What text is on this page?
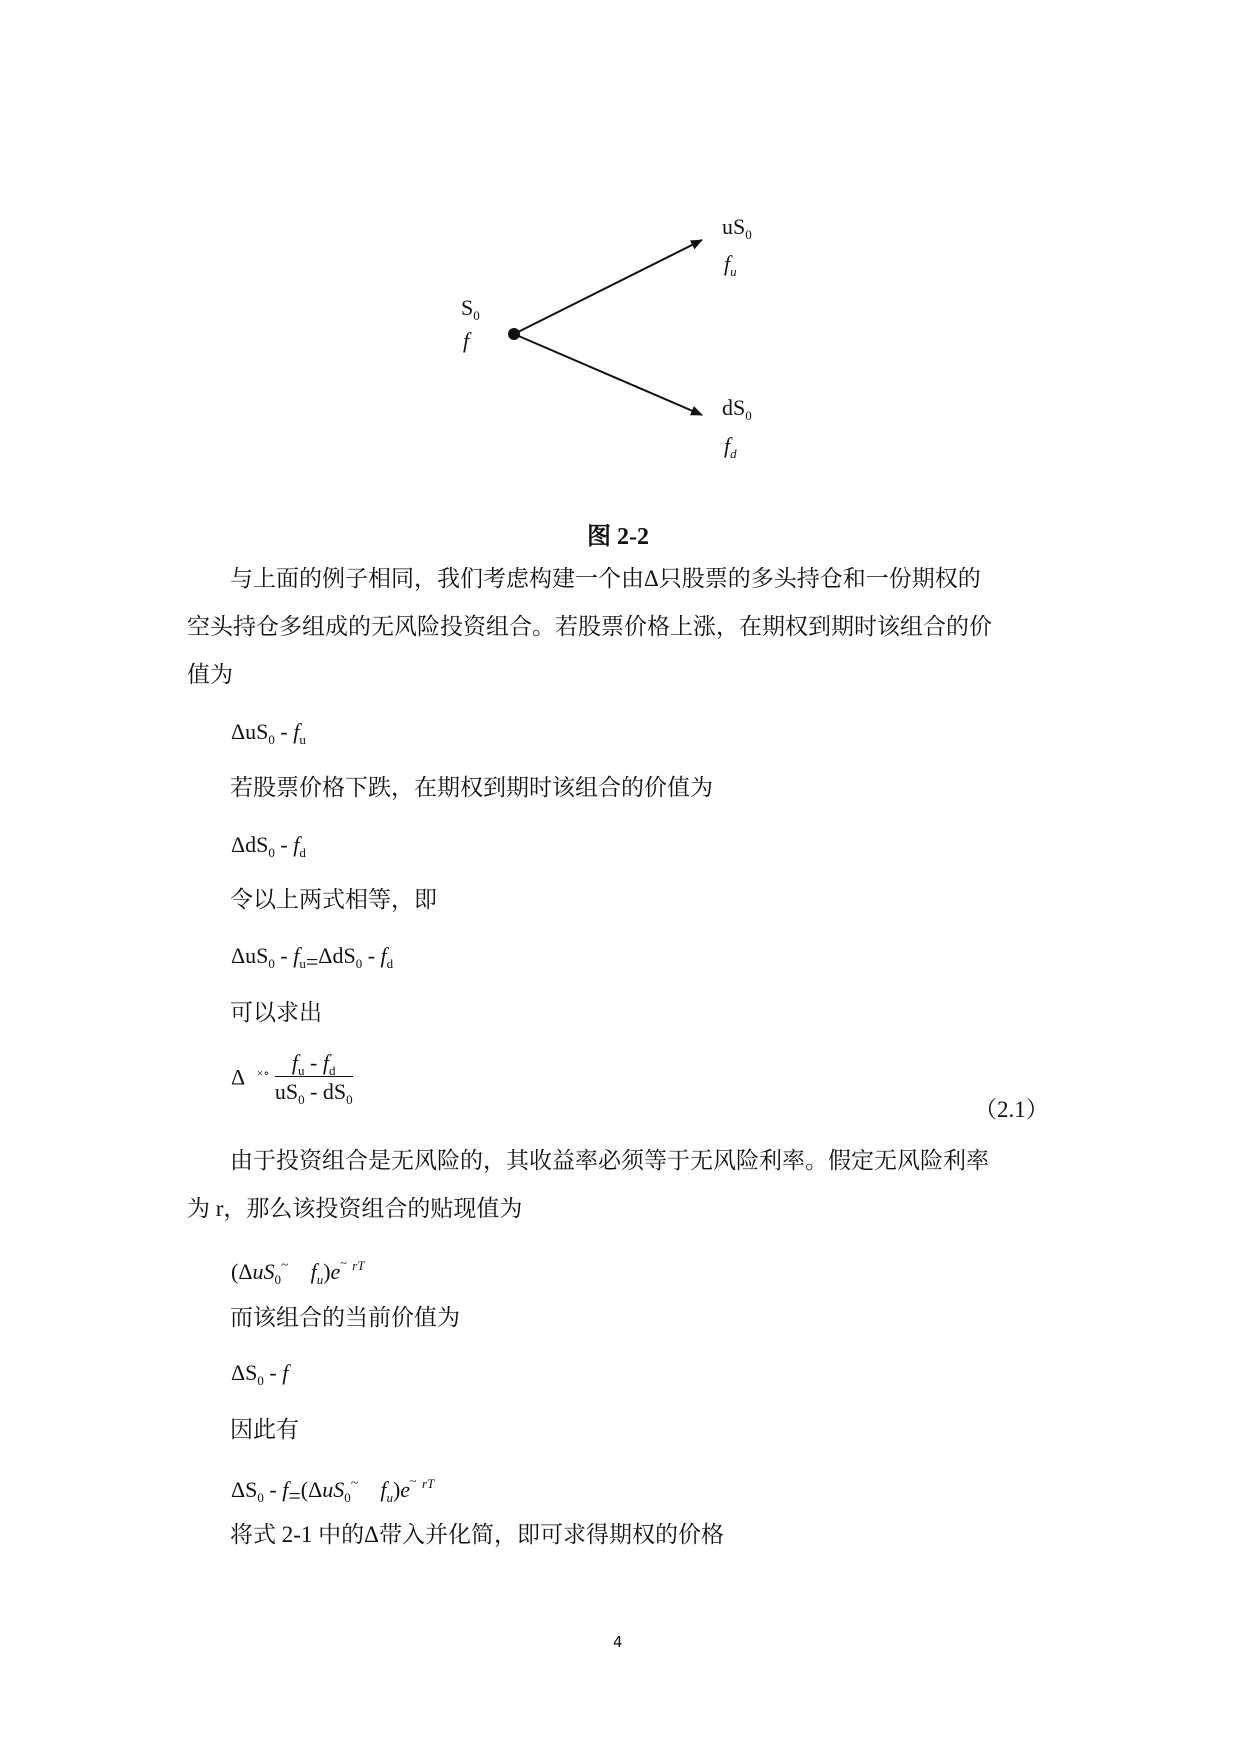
$S_0$
f
$uS_0$
$f_u$
$dS_0$
$f_d$
图 2-2
与上面的例子相同，我们考虑构建一个由Δ只股票的多头持仓和一份期权的
空头持仓多组成的无风险投资组合。若股票价格上涨，在期权到期时该组合的价
值为
$\Delta uS_0 - f_u$
若股票价格下跌，在期权到期时该组合的价值为
$\Delta dS_0 - f_d$
令以上两式相等，即
$\Delta uS_0 - f_u=\Delta dS_0 - f_d$
可以求出
Δ $^{\times\circ} \frac{f_u - f_d}{uS_0 - dS_0}$
（2.1）
由于投资组合是无风险的，其收益率必须等于无风险利率。假定无风险利率
为 r，那么该投资组合的贴现值为
(ΔuS$_0$~ $f_u)e^\sim$ $^{rT}$
而该组合的当前价值为
$\Delta S_0$ - f
因此有
$\Delta S_0 - f=(\Delta uS_0^\sim$ $f_u)e^\sim$ $^{rT}$
将式 2-1 中的Δ带入并化简，即可求得期权的价格
4
